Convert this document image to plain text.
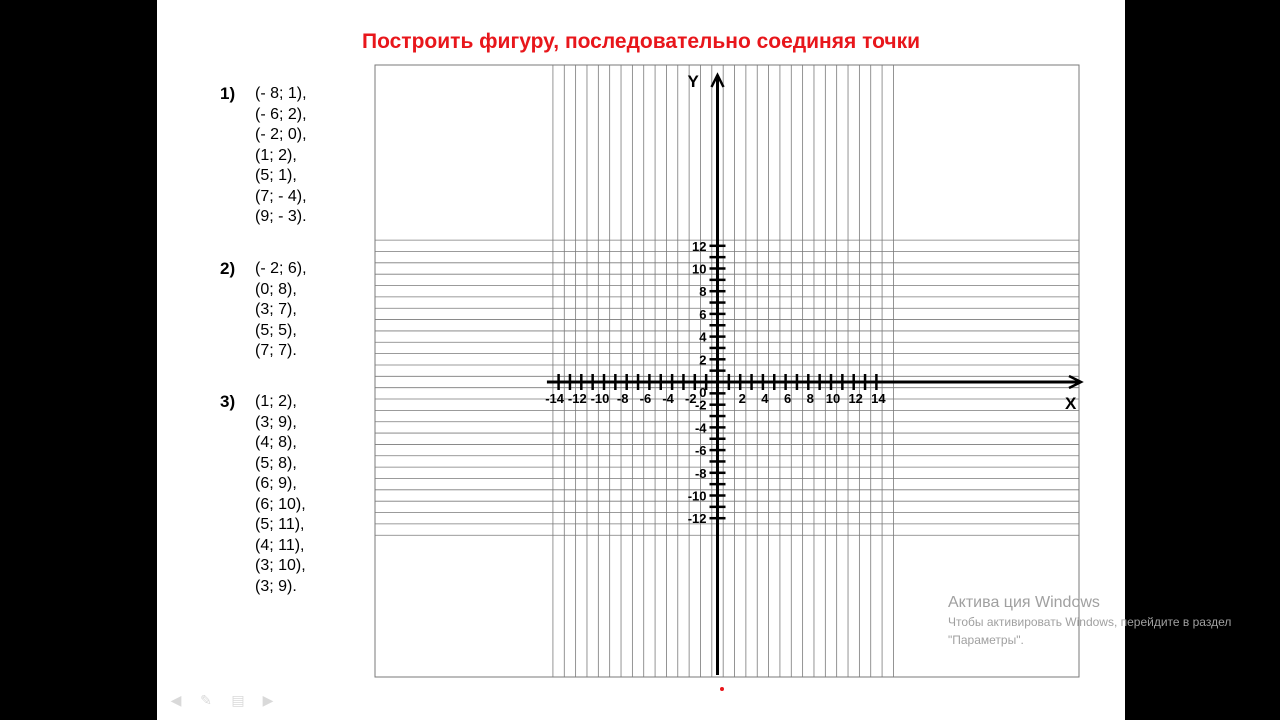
Построить фигуру, последовательно соединяя точки
1) (- 8; 1),
(- 6; 2),
(- 2; 0),
(1; 2),
(5; 1),
(7; - 4),
(9; - 3).
2) (- 2; 6),
(0; 8),
(3; 7),
(5; 5),
(7; 7).
3) (1; 2),
(3; 9),
(4; 8),
(5; 8),
(6; 9),
(6; 10),
(5; 11),
(4; 11),
(3; 10),
(3; 9).
-14 -12 -10 -8 -6 -4 -2	2 4 6 8 10 12 14
12
10
8
6
4
2
-2
-4
-6
-8
-10
-12
0
X
Y
◀ ✎ ▤ ▶
Актива ция Windows
Чтобы активировать Windows, перейдите в раздел "Параметры".
